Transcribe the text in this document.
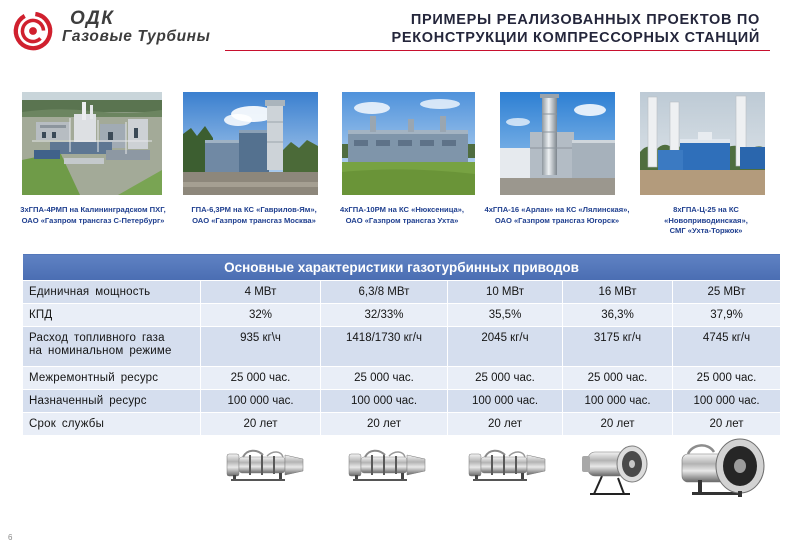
ОДК
Газовые Турбины
ПРИМЕРЫ РЕАЛИЗОВАННЫХ ПРОЕКТОВ ПО
РЕКОНСТРУКЦИИ КОМПРЕССОРНЫХ СТАНЦИЙ
3хГПА-4РМП на Калининградском ПХГ,
ОАО «Газпром трансгаз С-Петербург»
ГПА-6,3РМ на КС «Гаврилов-Ям»,
ОАО «Газпром трансгаз Москва»
4хГПА-10РМ на КС «Нюксеница»,
ОАО «Газпром трансгаз Ухта»
4хГПА-16 «Арлан» на КС «Лялинская»,
ОАО «Газпром трансгаз Югорск»
8хГПА-Ц-25 на КС
«Новоприводинская»,
СМГ «Ухта-Торжок»
Основные характеристики газотурбинных приводов					

Единичная мощность	4 МВт	6,3/8 МВт	10 МВт	16 МВт	25 МВт

КПД	32%	32/33%	35,5%	36,3%	37,9%

Расход топливного газа
на номинальном режиме	935 кг\ч	1418/1730 кг/ч	2045 кг/ч	3175 кг/ч	4745 кг/ч

Межремонтный ресурс	25 000 час.	25 000 час.	25 000 час.	25 000 час.	25 000 час.

Назначенный ресурс	100 000 час.	100 000 час.	100 000 час.	100 000 час.	100 000 час.

Срок службы	20 лет	20 лет	20 лет	20 лет	20 лет
6
